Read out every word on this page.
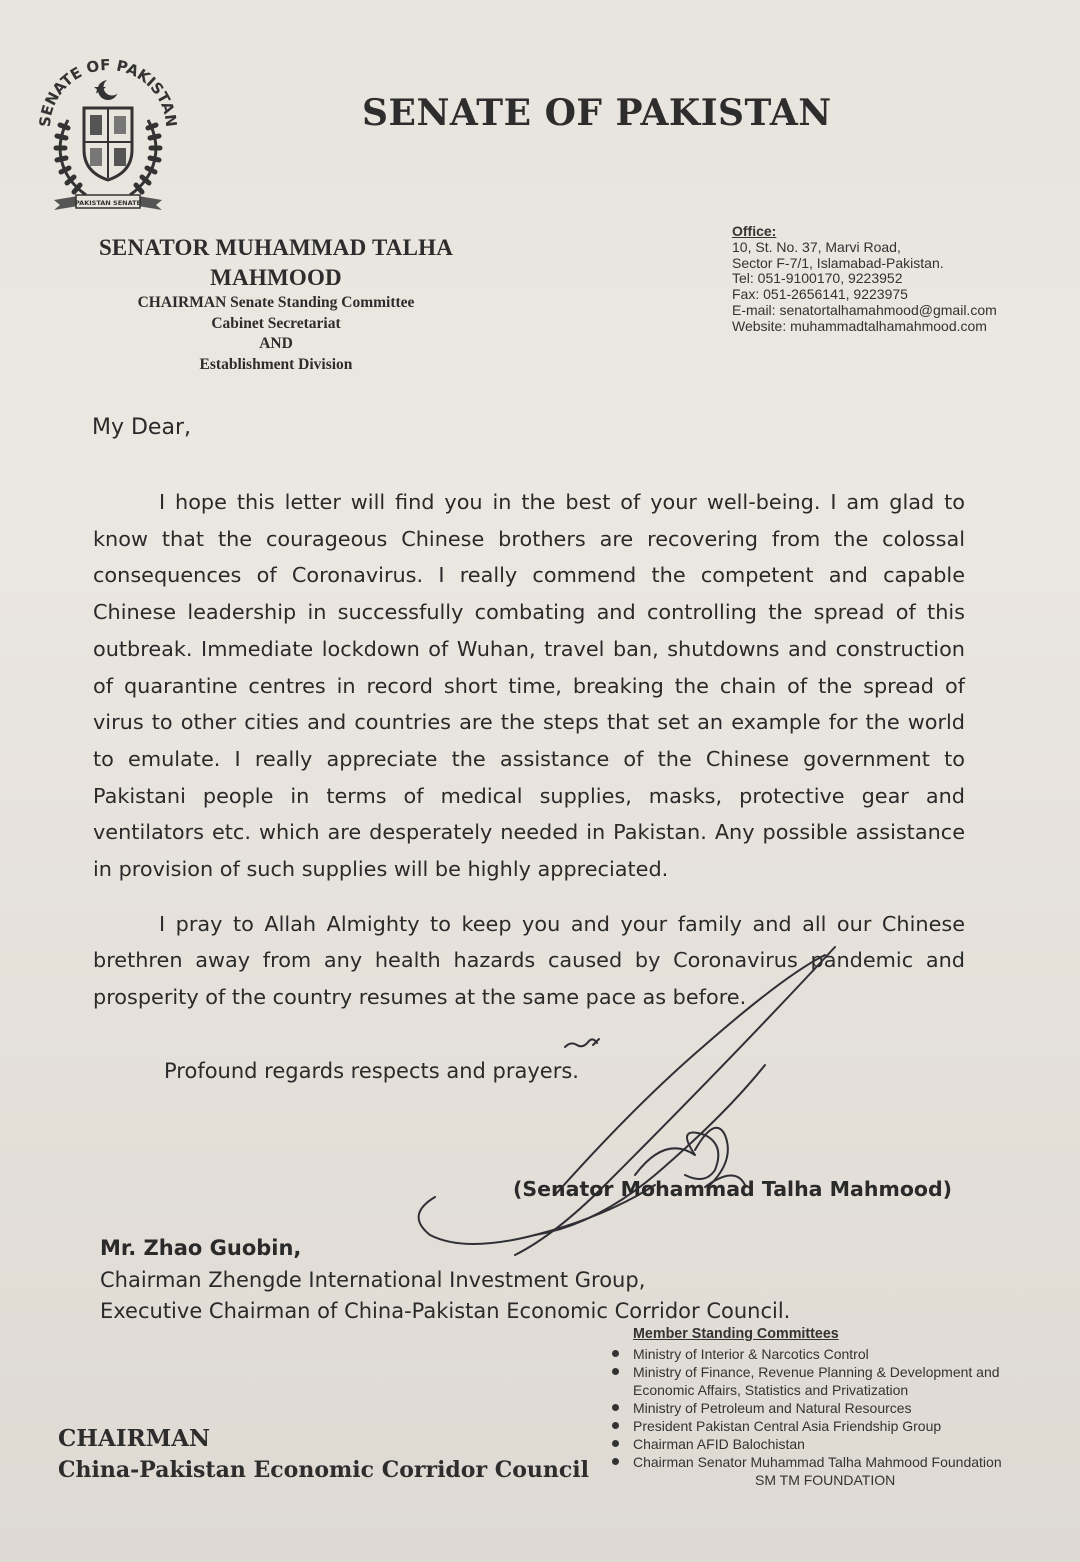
SENATE OF PAKISTAN
PAKISTAN SENATE
SENATE OF PAKISTAN
SENATOR MUHAMMAD TALHA MAHMOOD
CHAIRMAN Senate Standing Committee
Cabinet Secretariat
AND
Establishment Division
Office:
10, St. No. 37, Marvi Road,
Sector F-7/1, Islamabad-Pakistan.
Tel: 051-9100170, 9223952
Fax: 051-2656141, 9223975
E-mail: senatortalhamahmood@gmail.com
Website: muhammadtalhamahmood.com
My Dear,

I hope this letter will find you in the best of your well-being. I am glad to know that the courageous Chinese brothers are recovering from the colossal consequences of Coronavirus. I really commend the competent and capable Chinese leadership in successfully combating and controlling the spread of this outbreak. Immediate lockdown of Wuhan, travel ban, shutdowns and construction of quarantine centres in record short time, breaking the chain of the spread of virus to other cities and countries are the steps that set an example for the world to emulate. I really appreciate the assistance of the Chinese government to Pakistani people in terms of medical supplies, masks, protective gear and ventilators etc. which are desperately needed in Pakistan. Any possible assistance in provision of such supplies will be highly appreciated.

I pray to Allah Almighty to keep you and your family and all our Chinese brethren away from any health hazards caused by Coronavirus pandemic and prosperity of the country resumes at the same pace as before.

Profound regards respects and prayers.
(Senator Mohammad Talha Mahmood)
Mr. Zhao Guobin,
Chairman Zhengde International Investment Group,
Executive Chairman of China-Pakistan Economic Corridor Council.
Member Standing Committees
Ministry of Interior & Narcotics Control
Ministry of Finance, Revenue Planning & Development and Economic Affairs, Statistics and Privatization
Ministry of Petroleum and Natural Resources
President Pakistan Central Asia Friendship Group
Chairman AFID Balochistan
Chairman Senator Muhammad Talha Mahmood Foundation
SM TM FOUNDATION
CHAIRMAN
China-Pakistan Economic Corridor Council
